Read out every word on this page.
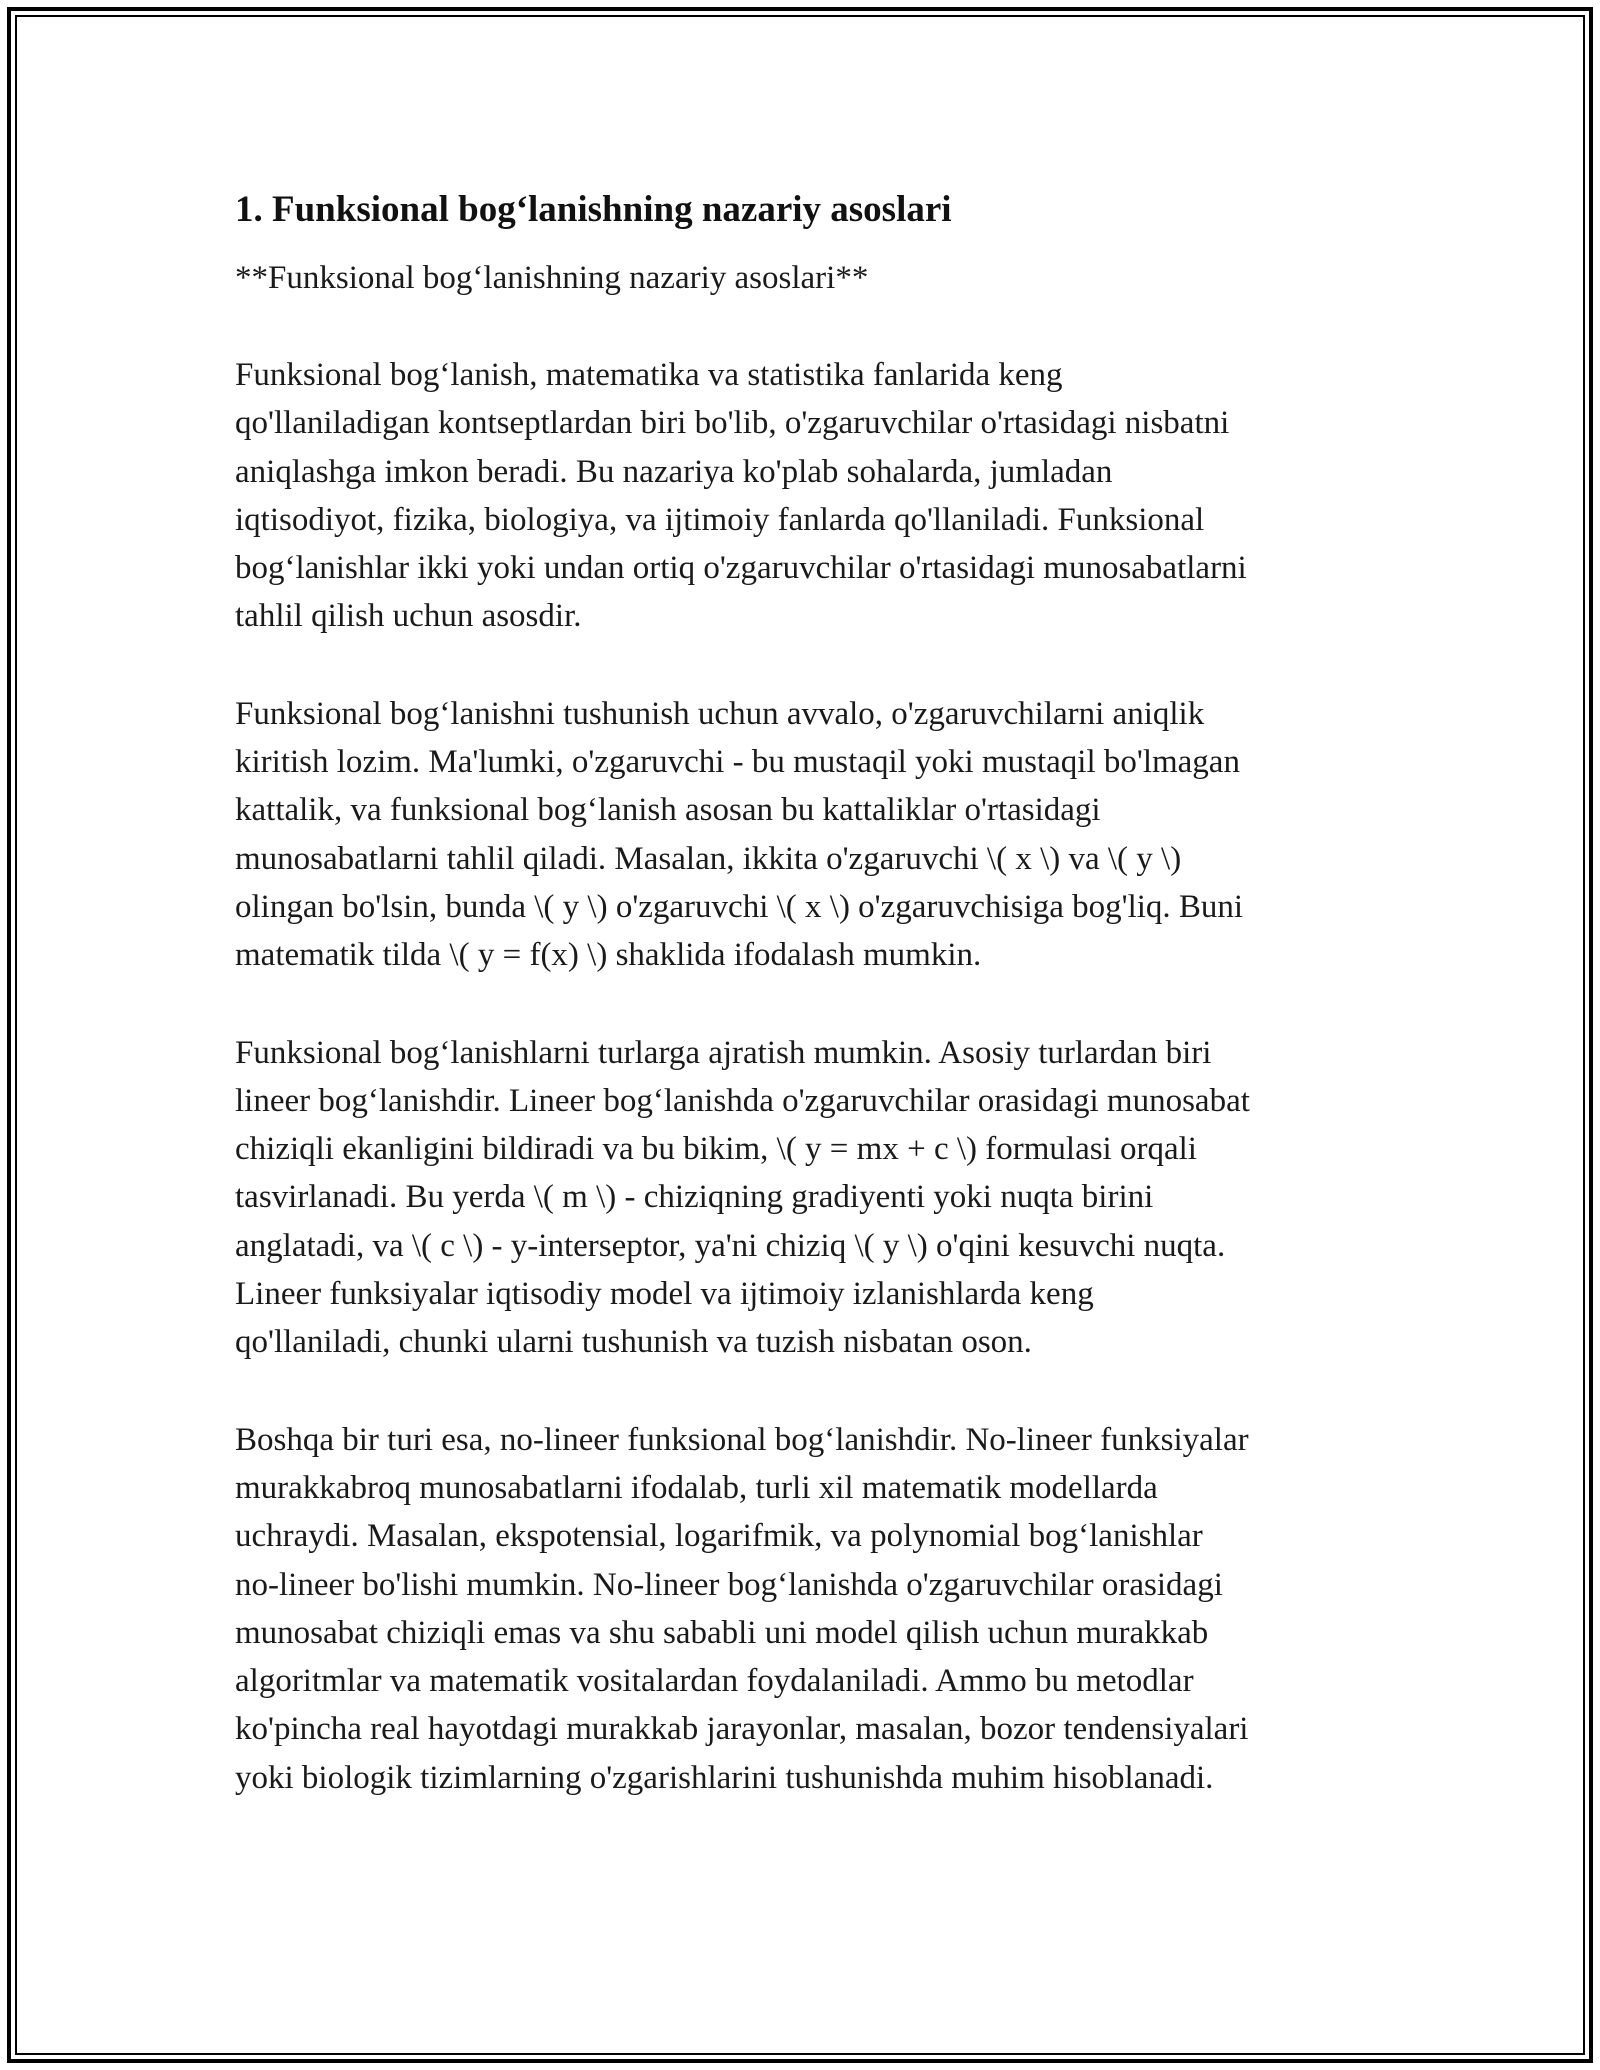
1. Funksional bog‘lanishning nazariy asoslari
**Funksional bog‘lanishning nazariy asoslari**
Funksional bog‘lanish, matematika va statistika fanlarida keng
qo'llaniladigan kontseptlardan biri bo'lib, o'zgaruvchilar o'rtasidagi nisbatni
aniqlashga imkon beradi. Bu nazariya ko'plab sohalarda, jumladan
iqtisodiyot, fizika, biologiya, va ijtimoiy fanlarda qo'llaniladi. Funksional
bog‘lanishlar ikki yoki undan ortiq o'zgaruvchilar o'rtasidagi munosabatlarni
tahlil qilish uchun asosdir.
Funksional bog‘lanishni tushunish uchun avvalo, o'zgaruvchilarni aniqlik
kiritish lozim. Ma'lumki, o'zgaruvchi - bu mustaqil yoki mustaqil bo'lmagan
kattalik, va funksional bog‘lanish asosan bu kattaliklar o'rtasidagi
munosabatlarni tahlil qiladi. Masalan, ikkita o'zgaruvchi \( x \) va \( y \)
olingan bo'lsin, bunda \( y \) o'zgaruvchi \( x \) o'zgaruvchisiga bog'liq. Buni
matematik tilda \( y = f(x) \) shaklida ifodalash mumkin.
Funksional bog‘lanishlarni turlarga ajratish mumkin. Asosiy turlardan biri
lineer bog‘lanishdir. Lineer bog‘lanishda o'zgaruvchilar orasidagi munosabat
chiziqli ekanligini bildiradi va bu bikim, \( y = mx + c \) formulasi orqali
tasvirlanadi. Bu yerda \( m \) - chiziqning gradiyenti yoki nuqta birini
anglatadi, va \( c \) - y-interseptor, ya'ni chiziq \( y \) o'qini kesuvchi nuqta.
Lineer funksiyalar iqtisodiy model va ijtimoiy izlanishlarda keng
qo'llaniladi, chunki ularni tushunish va tuzish nisbatan oson.
Boshqa bir turi esa, no-lineer funksional bog‘lanishdir. No-lineer funksiyalar
murakkabroq munosabatlarni ifodalab, turli xil matematik modellarda
uchraydi. Masalan, ekspotensial, logarifmik, va polynomial bog‘lanishlar
no-lineer bo'lishi mumkin. No-lineer bog‘lanishda o'zgaruvchilar orasidagi
munosabat chiziqli emas va shu sababli uni model qilish uchun murakkab
algoritmlar va matematik vositalardan foydalaniladi. Ammo bu metodlar
ko'pincha real hayotdagi murakkab jarayonlar, masalan, bozor tendensiyalari
yoki biologik tizimlarning o'zgarishlarini tushunishda muhim hisoblanadi.
